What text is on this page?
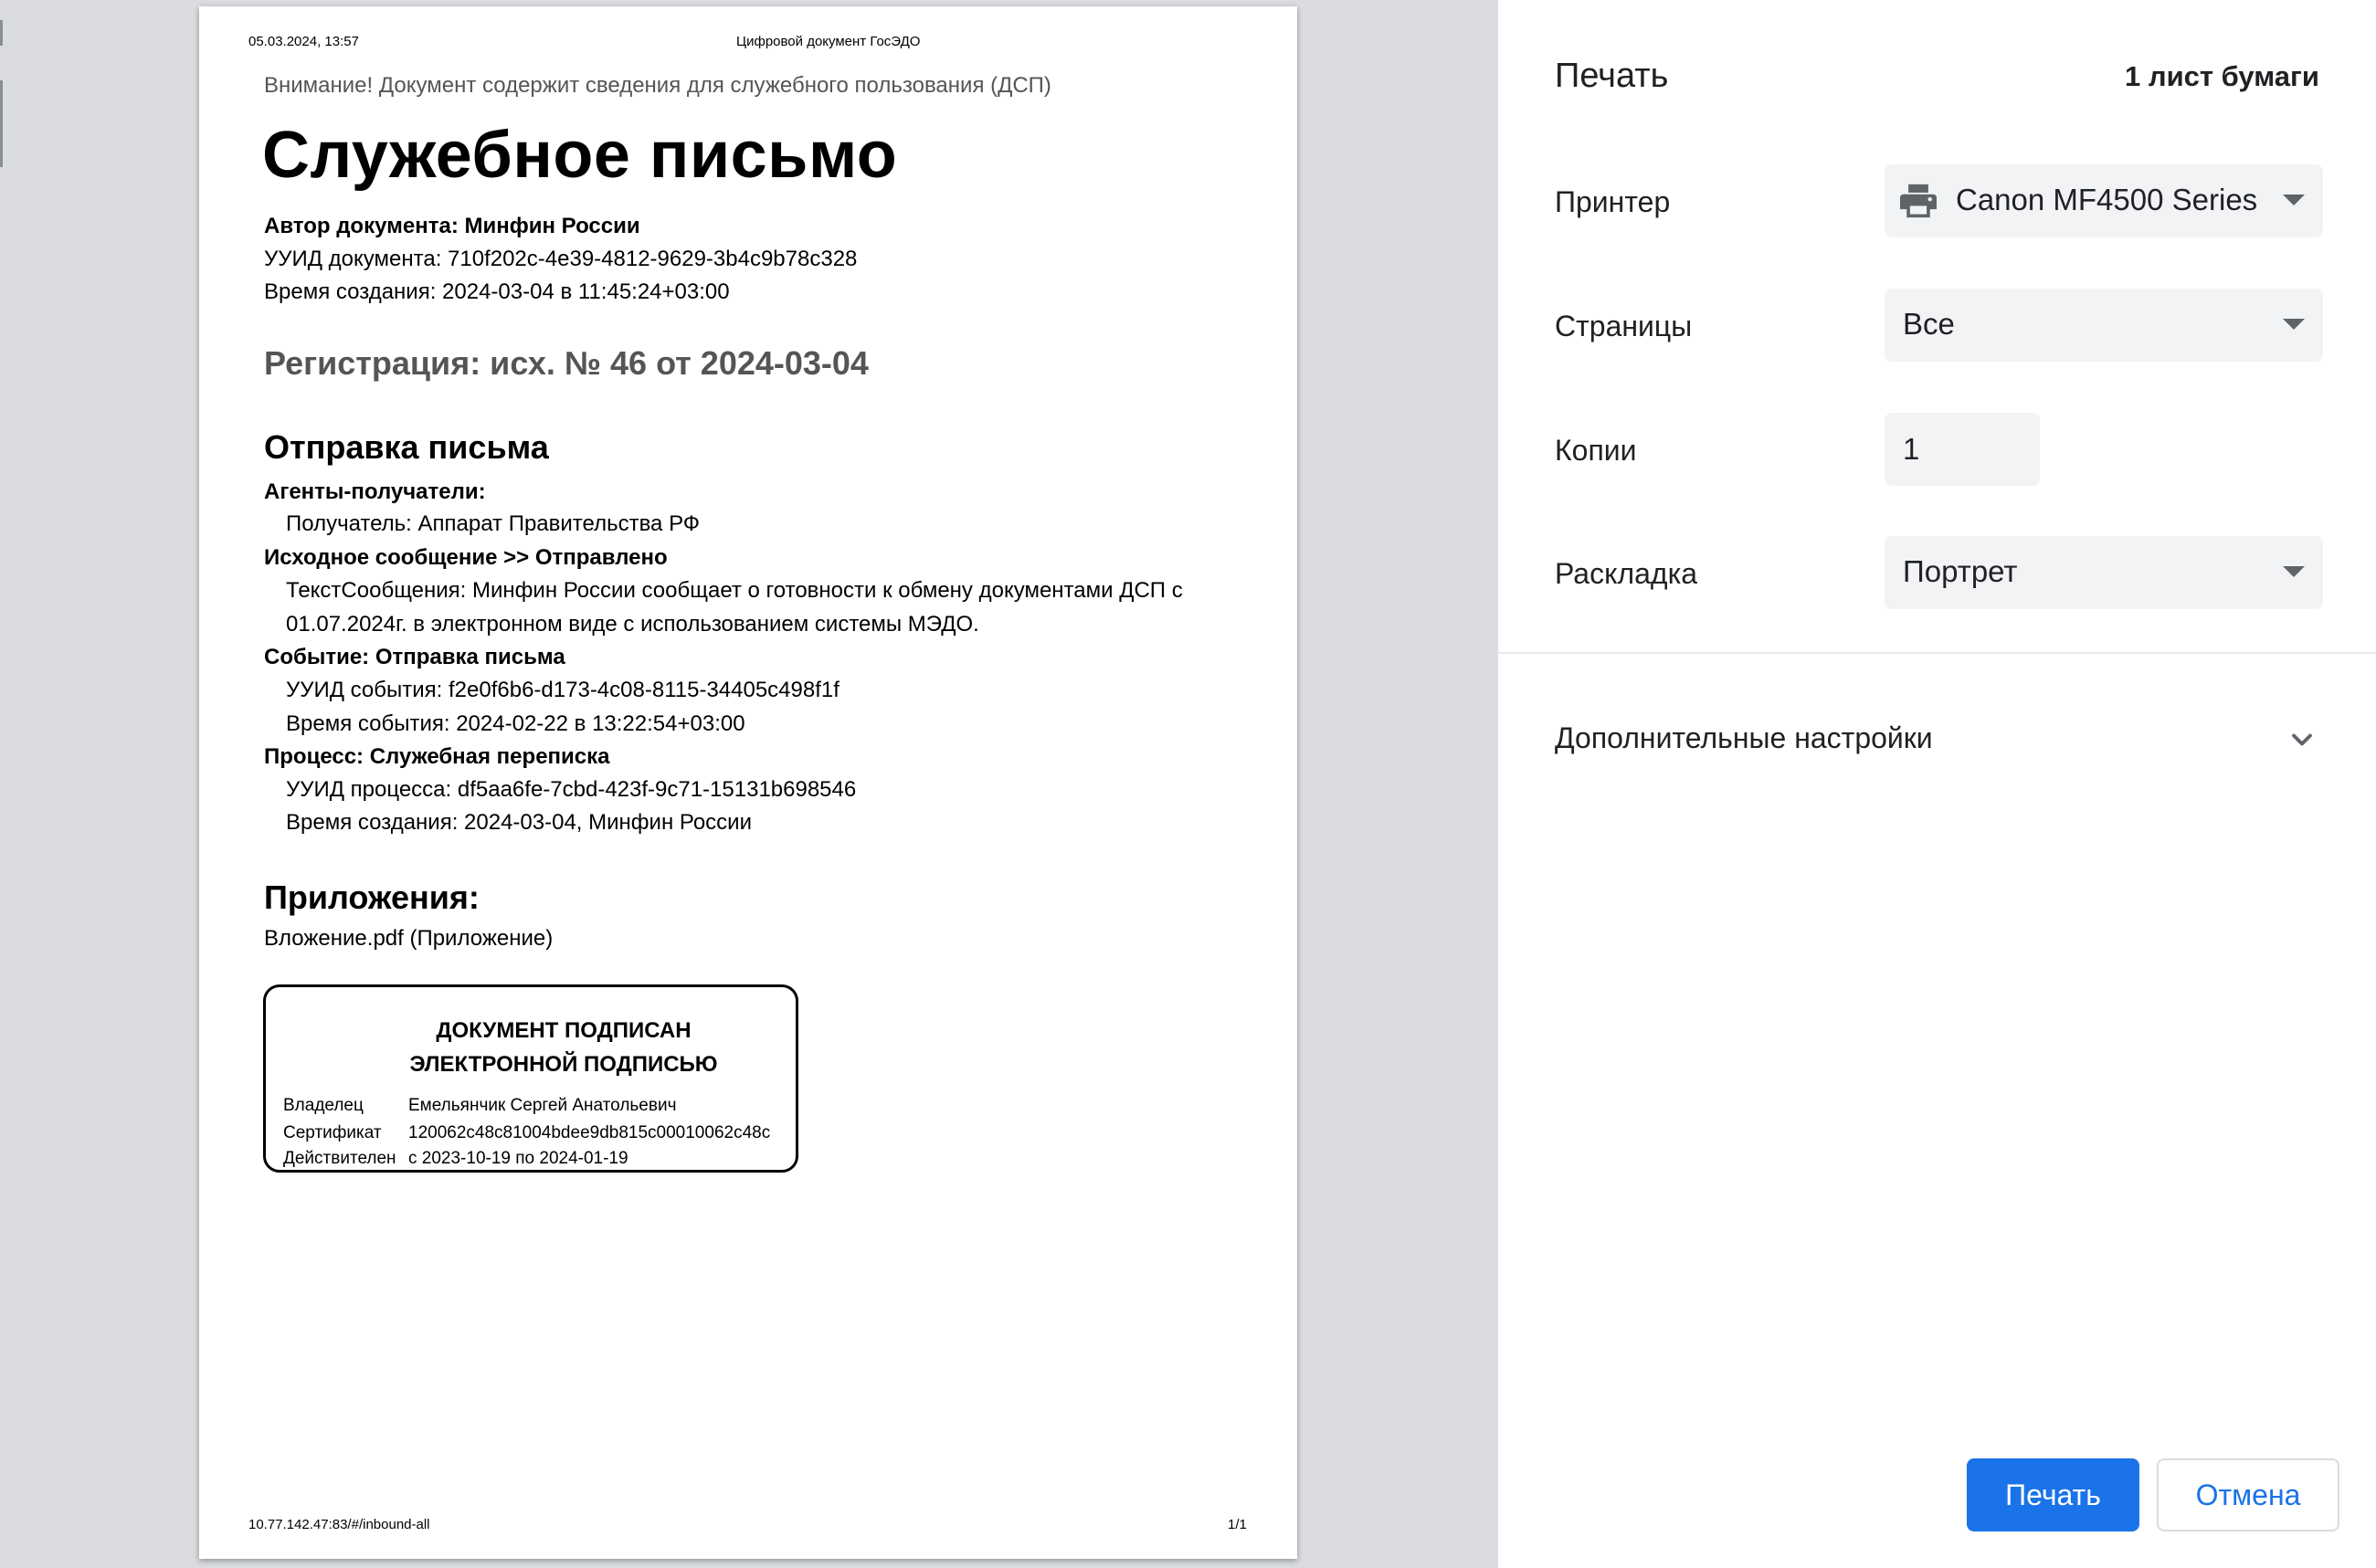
05.03.2024, 13:57	Цифровой документ ГосЭДО
Внимание! Документ содержит сведения для служебного пользования (ДСП)
Служебное письмо
Автор документа: Минфин России
УУИД документа: 710f202c-4e39-4812-9629-3b4c9b78c328
Время создания: 2024-03-04 в 11:45:24+03:00
Регистрация: исх. № 46 от 2024-03-04
Отправка письма
Агенты-получатели:
Получатель: Аппарат Правительства РФ
Исходное сообщение >> Отправлено
ТекстСообщения: Минфин России сообщает о готовности к обмену документами ДСП с
01.07.2024г. в электронном виде с использованием системы МЭДО.
Событие: Отправка письма
УУИД события: f2e0f6b6-d173-4c08-8115-34405c498f1f
Время события: 2024-02-22 в 13:22:54+03:00
Процесс: Служебная переписка
УУИД процесса: df5aa6fe-7cbd-423f-9c71-15131b698546
Время создания: 2024-03-04, Минфин России
Приложения:
Вложение.pdf (Приложение)
ДОКУМЕНТ ПОДПИСАН
ЭЛЕКТРОННОЙ ПОДПИСЬЮ
Владелец	Емельянчик Сергей Анатольевич
Сертификат 120062c48c81004bdee9db815c00010062c48c
Действителен с 2023-10-19 по 2024-01-19
10.77.142.47:83/#/inbound-all	1/1
Печать	1 лист бумаги
Принтер	Canon MF4500 Series
Страницы	Все
Копии
1
Раскладка	Портрет
Дополнительные настройки
Печать	Отмена
